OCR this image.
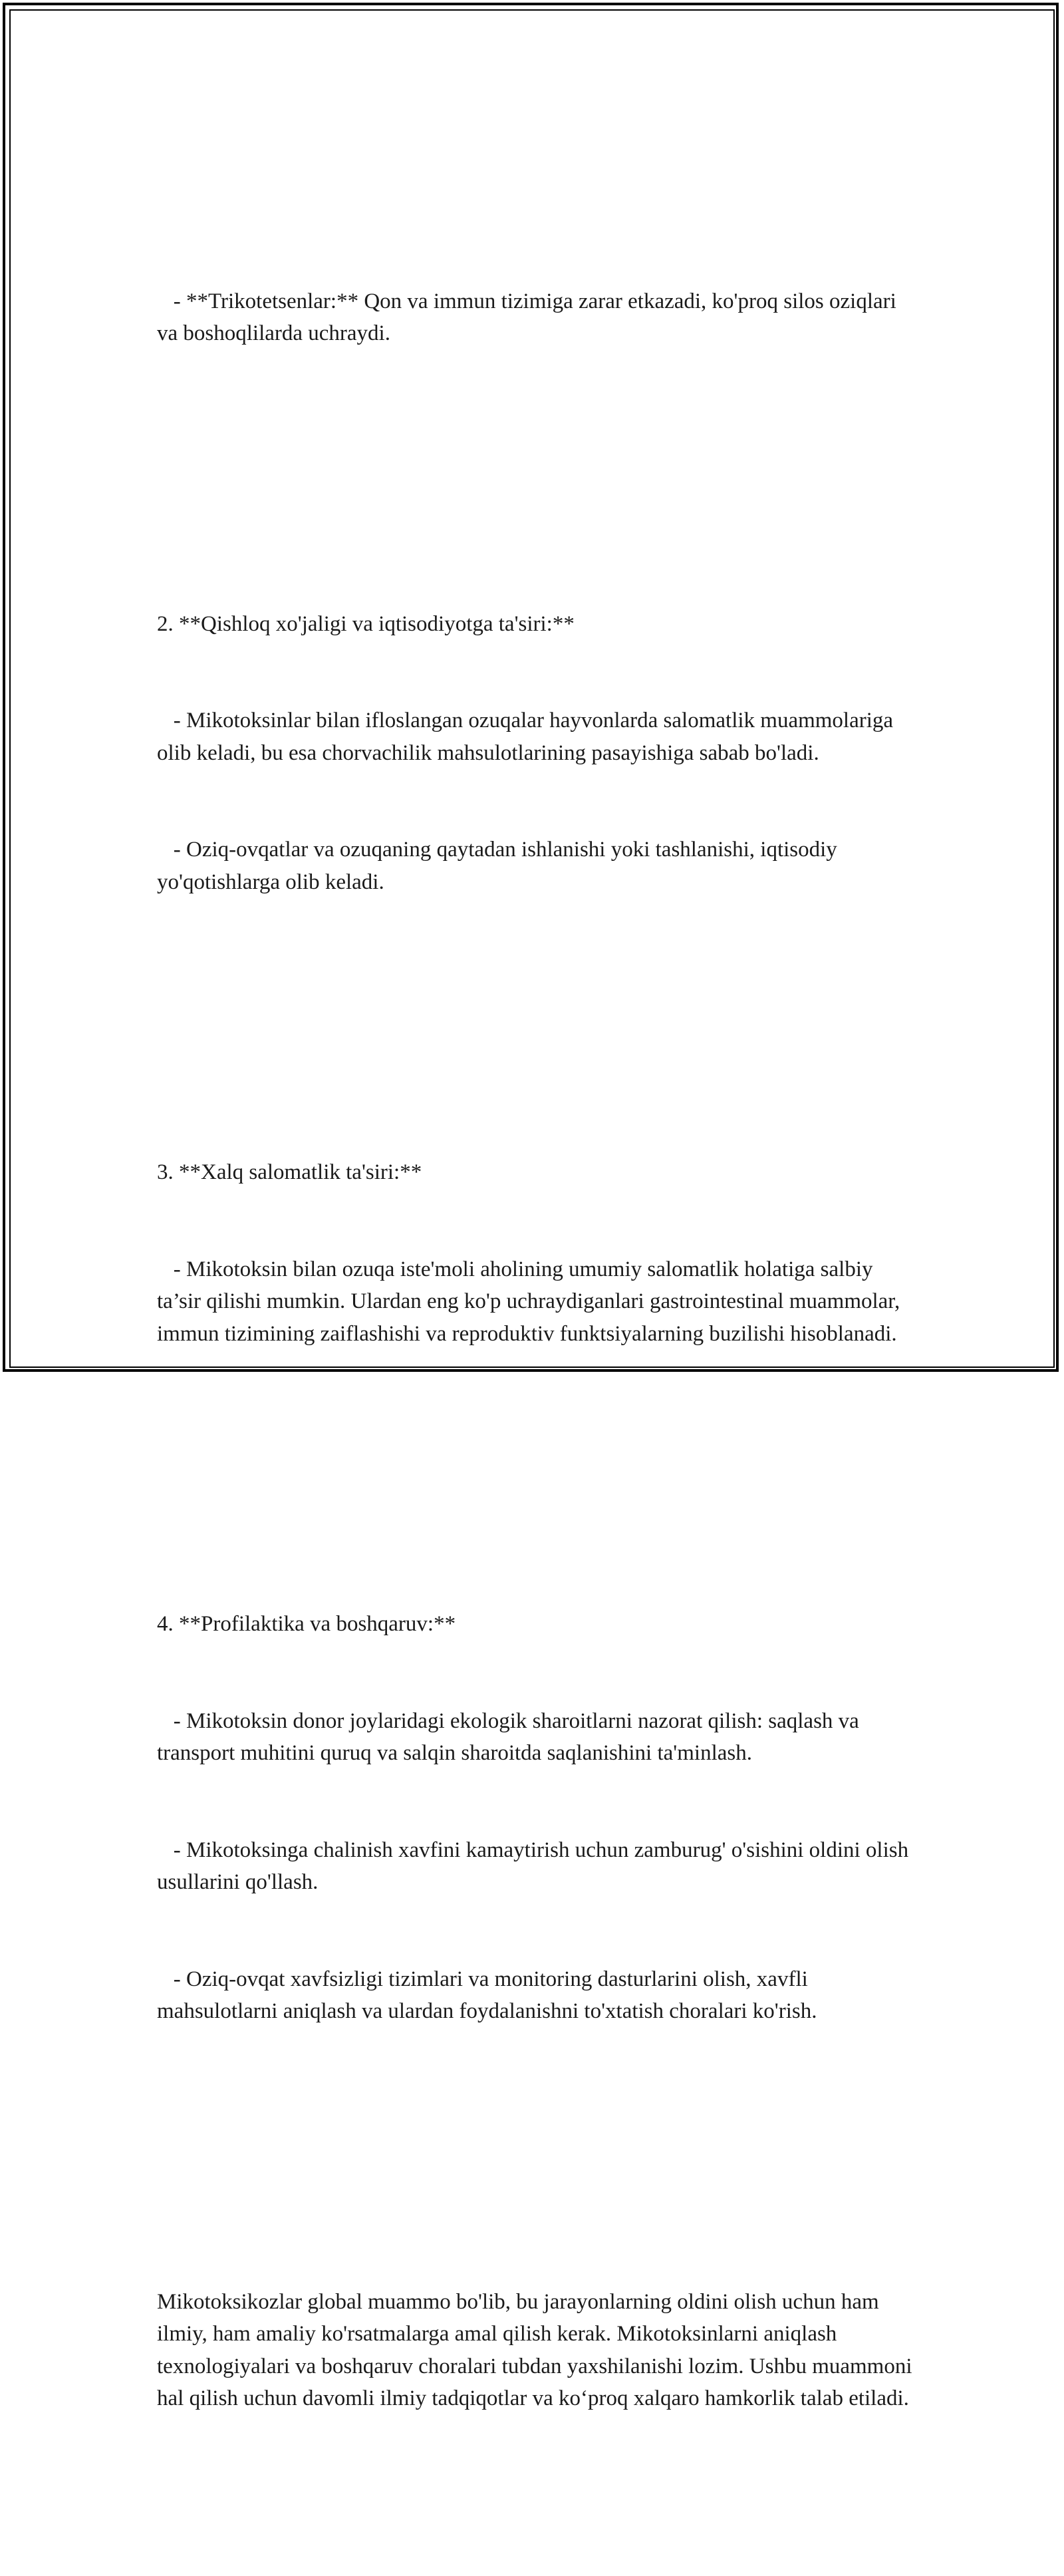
- **Trikotetsenlar:** Qon va immun tizimiga zarar etkazadi, ko'proq silos oziqlari va boshoqlilarda uchraydi.

2. **Qishloq xo'jaligi va iqtisodiyotga ta'siri:**

- Mikotoksinlar bilan ifloslangan ozuqalar hayvonlarda salomatlik muammolariga olib keladi, bu esa chorvachilik mahsulotlarining pasayishiga sabab bo'ladi.

- Oziq-ovqatlar va ozuqaning qaytadan ishlanishi yoki tashlanishi, iqtisodiy yo'qotishlarga olib keladi.

3. **Xalq salomatlik ta'siri:**

- Mikotoksin bilan ozuqa iste'moli aholining umumiy salomatlik holatiga salbiy ta’sir qilishi mumkin. Ulardan eng ko'p uchraydiganlari gastrointestinal muammolar, immun tizimining zaiflashishi va reproduktiv funktsiyalarning buzilishi hisoblanadi.

4. **Profilaktika va boshqaruv:**

- Mikotoksin donor joylaridagi ekologik sharoitlarni nazorat qilish: saqlash va transport muhitini quruq va salqin sharoitda saqlanishini ta'minlash.

- Mikotoksinga chalinish xavfini kamaytirish uchun zamburug' o'sishini oldini olish usullarini qo'llash.

- Oziq-ovqat xavfsizligi tizimlari va monitoring dasturlarini olish, xavfli mahsulotlarni aniqlash va ulardan foydalanishni to'xtatish choralari ko'rish.

Mikotoksikozlar global muammo bo'lib, bu jarayonlarning oldini olish uchun ham ilmiy, ham amaliy ko'rsatmalarga amal qilish kerak. Mikotoksinlarni aniqlash texnologiyalari va boshqaruv choralari tubdan yaxshilanishi lozim. Ushbu muammoni hal qilish uchun davomli ilmiy tadqiqotlar va ko‘proq xalqaro hamkorlik talab etiladi.
